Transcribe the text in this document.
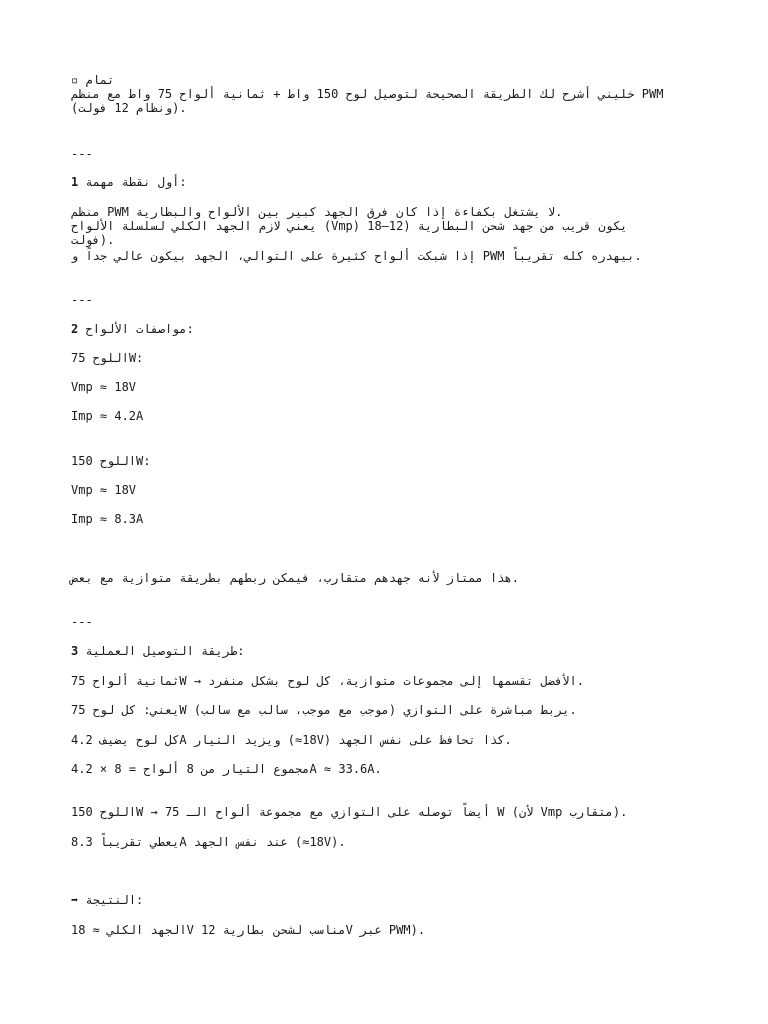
▫ تمام
خليني أشرح لك الطريقة الصحيحة لتوصيل لوح 150 واط + ثمانية ألواح 75 واط مع منظم PWM
(ونظام 12 فولت).
---
1 أول نقطة مهمة:
منظم PWM لا يشتغل بكفاءة إذا كان فرق الجهد كبير بين الألواح والبطارية.
يعني لازم الجهد الكلي لسلسلة الألواح (Vmp) يكون قريب من جهد شحن البطارية (12–18
فولت).
إذا شبكت ألواح كثيرة على التوالي، الجهد بيكون عالي جداً و PWM بيهدره كله تقريباً.
---
2 مواصفات الألواح:
اللوح 75W:
Vmp ≈ 18V
Imp ≈ 4.2A
اللوح 150W:
Vmp ≈ 18V
Imp ≈ 8.3A
هذا ممتاز لأنه جهدهم متقارب، فيمكن ربطهم بطريقة متوازية مع بعض.
---
3 طريقة التوصيل العملية:
ثمانية ألواح 75W → الأفضل تقسمها إلى مجموعات متوازية، كل لوح بشكل منفرد.
يعني: كل لوح 75W يربط مباشرة على التوازي (موجب مع موجب، سالب مع سالب).
كل لوح يضيف 4.2A ويزيد التيار (≈18V) كذا تحافظ على نفس الجهد.
مجموع التيار من 8 ألواح = 8 × 4.2A ≈ 33.6A.
اللوح 150W → 75 أيضاً توصله على التوازي مع مجموعة ألواح الـ W (لأن Vmp متقارب).
يعطي تقريباً 8.3A عند نفس الجهد (≈18V).
➡ النتيجة:
الجهد الكلي ≈ 18V مناسب لشحن بطارية 12V عبر PWM).
